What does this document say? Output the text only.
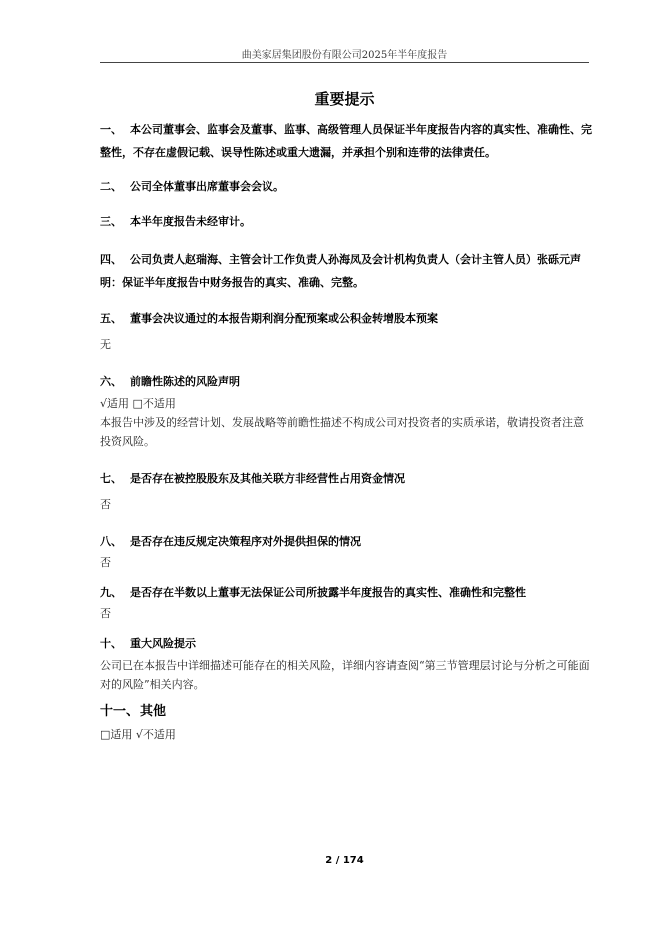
曲美家居集团股份有限公司2025年半年度报告
重要提示
一、 本公司董事会、监事会及董事、监事、高级管理人员保证半年度报告内容的真实性、准确性、完整性，不存在虚假记载、误导性陈述或重大遗漏，并承担个别和连带的法律责任。
二、 公司全体董事出席董事会会议。
三、 本半年度报告未经审计。
四、 公司负责人赵瑞海、主管会计工作负责人孙海凤及会计机构负责人（会计主管人员）张砾元声明：保证半年度报告中财务报告的真实、准确、完整。
五、 董事会决议通过的本报告期利润分配预案或公积金转增股本预案
无
六、 前瞻性陈述的风险声明
√适用 □不适用
本报告中涉及的经营计划、发展战略等前瞻性描述不构成公司对投资者的实质承诺，敬请投资者注意投资风险。
七、 是否存在被控股股东及其他关联方非经营性占用资金情况
否
八、 是否存在违反规定决策程序对外提供担保的情况
否
九、 是否存在半数以上董事无法保证公司所披露半年度报告的真实性、准确性和完整性
否
十、 重大风险提示
公司已在本报告中详细描述可能存在的相关风险，详细内容请查阅“第三节管理层讨论与分析之可能面对的风险”相关内容。
十一、其他
□适用 √不适用
2 / 174
